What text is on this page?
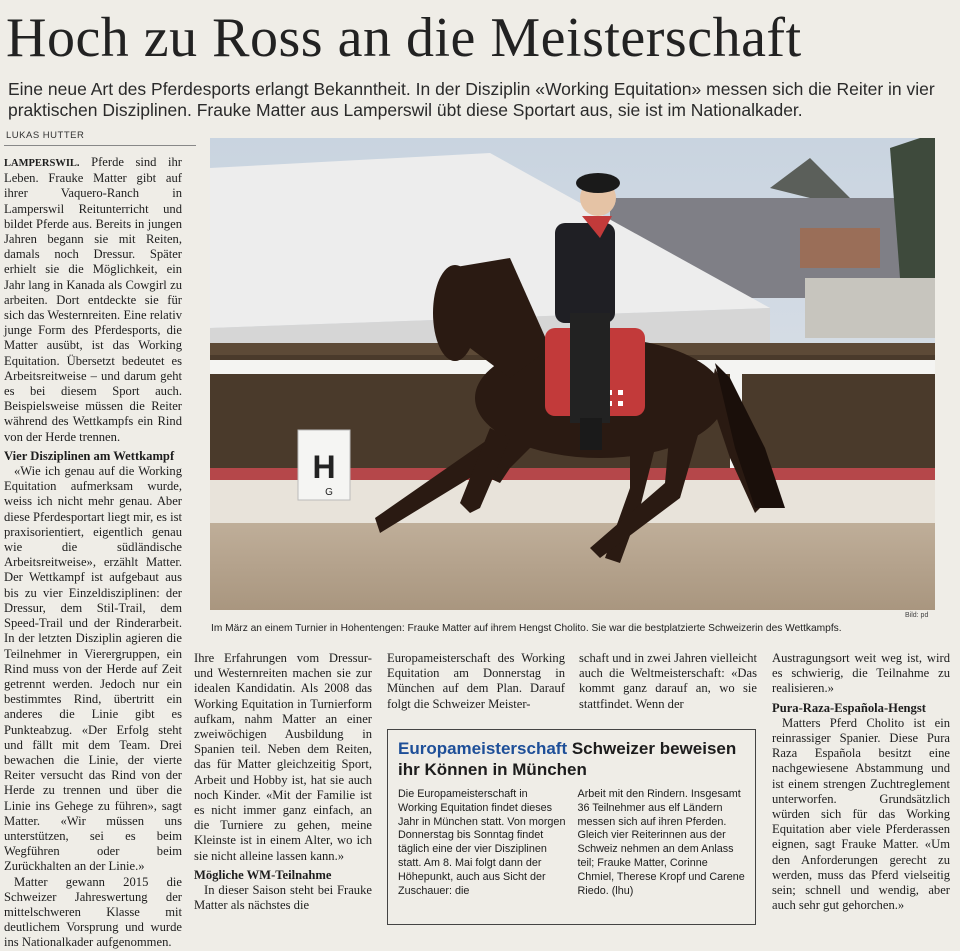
Hoch zu Ross an die Meisterschaft
Eine neue Art des Pferdesports erlangt Bekanntheit. In der Disziplin «Working Equitation» messen sich die Reiter in vier praktischen Disziplinen. Frauke Matter aus Lamperswil übt diese Sportart aus, sie ist im Nationalkader.
LUKAS HUTTER

LAMPERSWIL. Pferde sind ihr Leben. Frauke Matter gibt auf ihrer Vaquero-Ranch in Lamperswil Reitunterricht und bildet Pferde aus. Bereits in jungen Jahren begann sie mit Reiten, damals noch Dressur. Später erhielt sie die Möglichkeit, ein Jahr lang in Kanada als Cowgirl zu arbeiten. Dort entdeckte sie für sich das Westernreiten. Eine relativ junge Form des Pferdesports, die Matter ausübt, ist das Working Equitation. Übersetzt bedeutet es Arbeitsreitweise – und darum geht es bei diesem Sport auch. Beispielsweise müssen die Reiter während des Wettkampfs ein Rind von der Herde trennen.

Vier Disziplinen am Wettkampf

«Wie ich genau auf die Working Equitation aufmerksam wurde, weiss ich nicht mehr genau. Aber diese Pferdesportart liegt mir, es ist praxisorientiert, eigentlich genau wie die südländische Arbeitsreitweise», erzählt Matter. Der Wettkampf ist aufgebaut aus bis zu vier Einzeldisziplinen: der Dressur, dem Stil-Trail, dem Speed-Trail und der Rinderarbeit. In der letzten Disziplin agieren die Teilnehmer in Vierergruppen, ein Rind muss von der Herde auf Zeit getrennt werden. Jedoch nur ein bestimmtes Rind, übertritt ein anderes die Linie gibt es Punkteabzug. «Der Erfolg steht und fällt mit dem Team. Drei bewachen die Linie, der vierte Reiter versucht das Rind von der Herde zu trennen und über die Linie ins Gehege zu führen», sagt Matter. «Wir müssen uns unterstützen, sei es beim Wegführen oder beim Zurückhalten an der Linie.»

Matter gewann 2015 die Schweizer Jahreswertung der mittelschweren Klasse mit deutlichem Vorsprung und wurde ins Nationalkader aufgenommen.

H
G
Bild: pd
Im März an einem Turnier in Hohentengen: Frauke Matter auf ihrem Hengst Cholito. Sie war die bestplatzierte Schweizerin des Wettkampfs.

Ihre Erfahrungen vom Dressur- und Westernreiten machen sie zur idealen Kandidatin. Als 2008 das Working Equitation in Turnierform aufkam, nahm Matter an einer zweiwöchigen Ausbildung in Spanien teil. Neben dem Reiten, das für Matter gleichzeitig Sport, Arbeit und Hobby ist, hat sie auch noch Kinder. «Mit der Familie ist es nicht immer ganz einfach, an die Turniere zu gehen, meine Kleinste ist in einem Alter, wo ich sie nicht alleine lassen kann.»

Mögliche WM-Teilnahme

In dieser Saison steht bei Frauke Matter als nächstes die

Europameisterschaft des Working Equitation am Donnerstag in München auf dem Plan. Darauf folgt die Schweizer Meister-

schaft und in zwei Jahren vielleicht auch die Weltmeisterschaft: «Das kommt ganz darauf an, wo sie stattfindet. Wenn der

Austragungsort weit weg ist, wird es schwierig, die Teilnahme zu realisieren.»

Pura-Raza-Española-Hengst

Matters Pferd Cholito ist ein reinrassiger Spanier. Diese Pura Raza Española besitzt eine nachgewiesene Abstammung und ist einem strengen Zuchtreglement unterworfen. Grundsätzlich würden sich für das Working Equitation aber viele Pferderassen eignen, sagt Frauke Matter. «Um den Anforderungen gerecht zu werden, muss das Pferd vielseitig sein; schnell und wendig, aber auch sehr gut gehorchen.»

Europameisterschaft Schweizer beweisen ihr Können in München
Die Europameisterschaft in Working Equitation findet dieses Jahr in München statt. Von morgen Donnerstag bis Sonntag findet täglich eine der vier Disziplinen statt. Am 8. Mai folgt dann der Höhepunkt, auch aus Sicht der Zuschauer: die
Arbeit mit den Rindern. Insgesamt 36 Teilnehmer aus elf Ländern messen sich auf ihren Pferden. Gleich vier Reiterinnen aus der Schweiz nehmen an dem Anlass teil; Frauke Matter, Corinne Chmiel, Therese Kropf und Carene Riedo. (lhu)
